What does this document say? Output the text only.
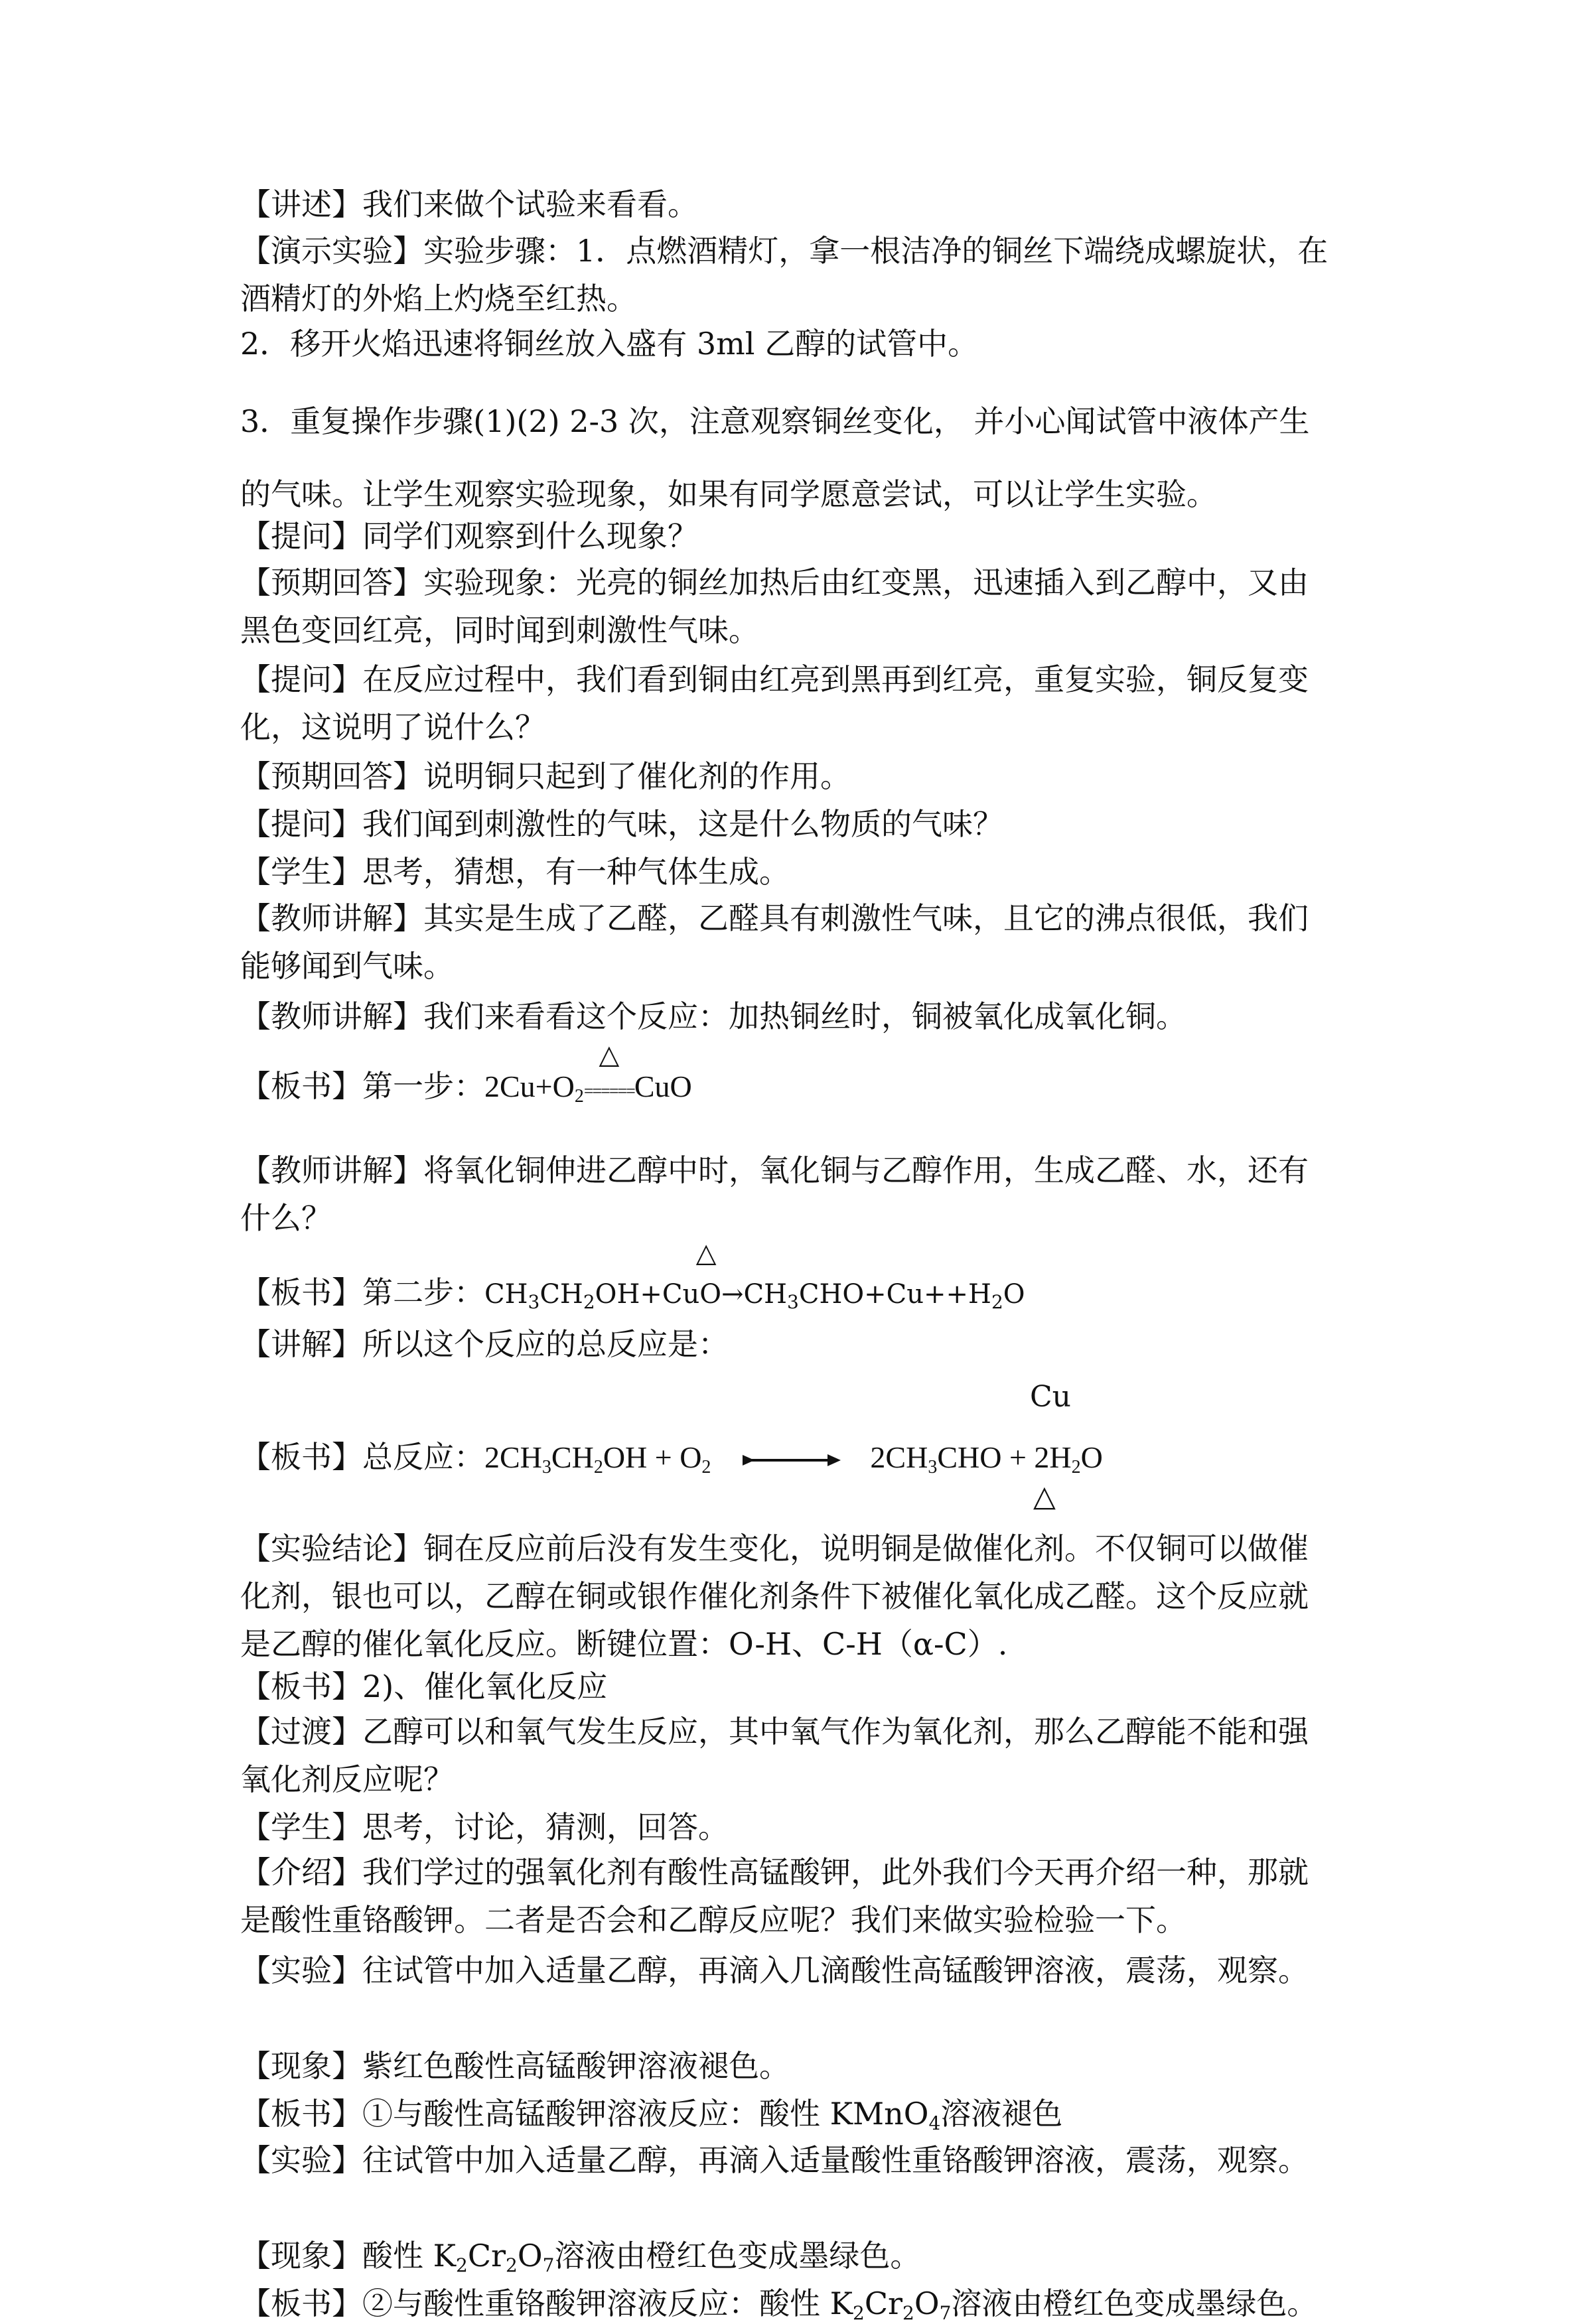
【讲述】我们来做个试验来看看。
【演示实验】实验步骤：1．点燃酒精灯，拿一根洁净的铜丝下端绕成螺旋状，在酒精灯的外焰上灼烧至红热。
2．移开火焰迅速将铜丝放入盛有 3ml 乙醇的试管中。
3．重复操作步骤(1)(2) 2-3 次，注意观察铜丝变化， 并小心闻试管中液体产生的气味。让学生观察实验现象，如果有同学愿意尝试，可以让学生实验。
【提问】同学们观察到什么现象？
【预期回答】实验现象：光亮的铜丝加热后由红变黑，迅速插入到乙醇中，又由黑色变回红亮，同时闻到刺激性气味。
【提问】在反应过程中，我们看到铜由红亮到黑再到红亮，重复实验，铜反复变化，这说明了说什么？
【预期回答】说明铜只起到了催化剂的作用。
【提问】我们闻到刺激性的气味，这是什么物质的气味？
【学生】思考，猜想，有一种气体生成。
【教师讲解】其实是生成了乙醛，乙醛具有刺激性气味，且它的沸点很低，我们能够闻到气味。
【教师讲解】我们来看看这个反应：加热铜丝时，铜被氧化成氧化铜。
【板书】第一步：$2Cu+O_2$
△
======CuO
【教师讲解】将氧化铜伸进乙醇中时，氧化铜与乙醇作用，生成乙醛、水，还有什么？
【板书】第二步：$CH_3CH_2$
△
$OH+CuO\to CH_3CHO+Cu++H_2O$
【讲解】所以这个反应的总反应是：
Cu
【板书】总反应：$2CH_3CH_2OH + O_2$	$2CH_3CHO + 2H_2O$
△
【实验结论】铜在反应前后没有发生变化，说明铜是做催化剂。不仅铜可以做催化剂，银也可以，乙醇在铜或银作催化剂条件下被催化氧化成乙醛。这个反应就是乙醇的催化氧化反应。断键位置：O-H、C-H（α-C）.
【板书】2)、催化氧化反应
【过渡】乙醇可以和氧气发生反应，其中氧气作为氧化剂，那么乙醇能不能和强氧化剂反应呢？
【学生】思考，讨论，猜测，回答。
【介绍】我们学过的强氧化剂有酸性高锰酸钾，此外我们今天再介绍一种，那就是酸性重铬酸钾。二者是否会和乙醇反应呢？我们来做实验检验一下。
【实验】往试管中加入适量乙醇，再滴入几滴酸性高锰酸钾溶液，震荡，观察。
【现象】紫红色酸性高锰酸钾溶液褪色。
【板书】①与酸性高锰酸钾溶液反应：酸性 KMnO$_4$溶液褪色
【实验】往试管中加入适量乙醇，再滴入适量酸性重铬酸钾溶液，震荡，观察。
【现象】酸性 $K_2Cr_2O_7$溶液由橙红色变成墨绿色。
【板书】②与酸性重铬酸钾溶液反应：酸性 $K_2Cr_2O_7$溶液由橙红色变成墨绿色。
